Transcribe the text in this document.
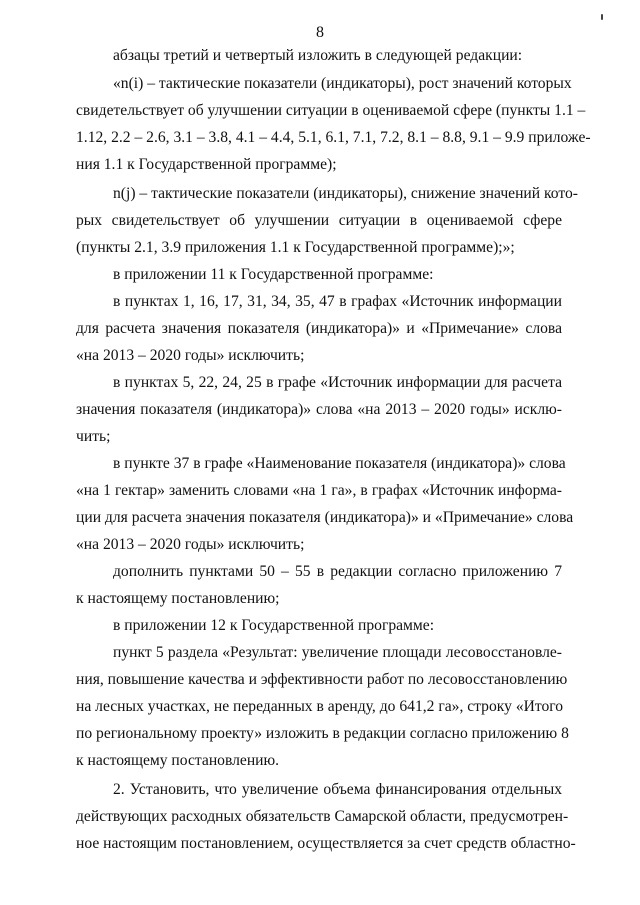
8
абзацы третий и четвертый изложить в следующей редакции:
«n(i) – тактические показатели (индикаторы), рост значений которых
свидетельствует об улучшении ситуации в оцениваемой сфере (пункты 1.1 –
1.12, 2.2 – 2.6, 3.1 – 3.8, 4.1 – 4.4, 5.1, 6.1, 7.1, 7.2, 8.1 – 8.8, 9.1 – 9.9 приложе-
ния 1.1 к Государственной программе);
n(j) – тактические показатели (индикаторы), снижение значений кото-
рых свидетельствует об улучшении ситуации в оцениваемой сфере
(пункты 2.1, 3.9 приложения 1.1 к Государственной программе);»;
в приложении 11 к Государственной программе:
в пунктах 1, 16, 17, 31, 34, 35, 47 в графах «Источник информации
для расчета значения показателя (индикатора)» и «Примечание» слова
«на 2013 – 2020 годы» исключить;
в пунктах 5, 22, 24, 25 в графе «Источник информации для расчета
значения показателя (индикатора)» слова «на 2013 – 2020 годы» исклю-
чить;
в пункте 37 в графе «Наименование показателя (индикатора)» слова
«на 1 гектар» заменить словами «на 1 га», в графах «Источник информа-
ции для расчета значения показателя (индикатора)» и «Примечание» слова
«на 2013 – 2020 годы» исключить;
дополнить пунктами 50 – 55 в редакции согласно приложению 7
к настоящему постановлению;
в приложении 12 к Государственной программе:
пункт 5 раздела «Результат: увеличение площади лесовосстановле-
ния, повышение качества и эффективности работ по лесовосстановлению
на лесных участках, не переданных в аренду, до 641,2 га», строку «Итого
по региональному проекту» изложить в редакции согласно приложению 8
к настоящему постановлению.
2. Установить, что увеличение объема финансирования отдельных
действующих расходных обязательств Самарской области, предусмотрен-
ное настоящим постановлением, осуществляется за счет средств областно-
